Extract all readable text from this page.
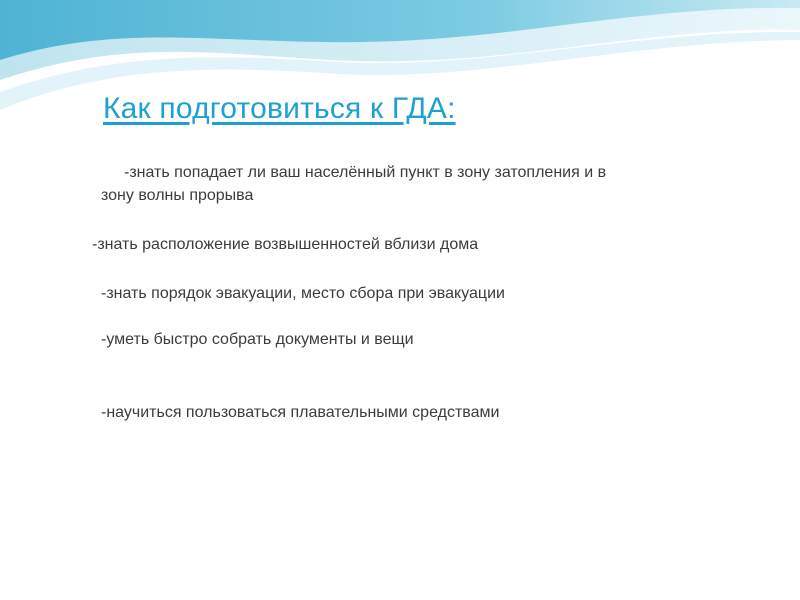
Как подготовиться к ГДА:
-знать попадает ли ваш населённый пункт в зону затопления и в
зону волны прорыва
-знать расположение возвышенностей вблизи дома
-знать порядок эвакуации, место сбора при эвакуации
-уметь быстро собрать документы и вещи
-научиться пользоваться плавательными средствами
